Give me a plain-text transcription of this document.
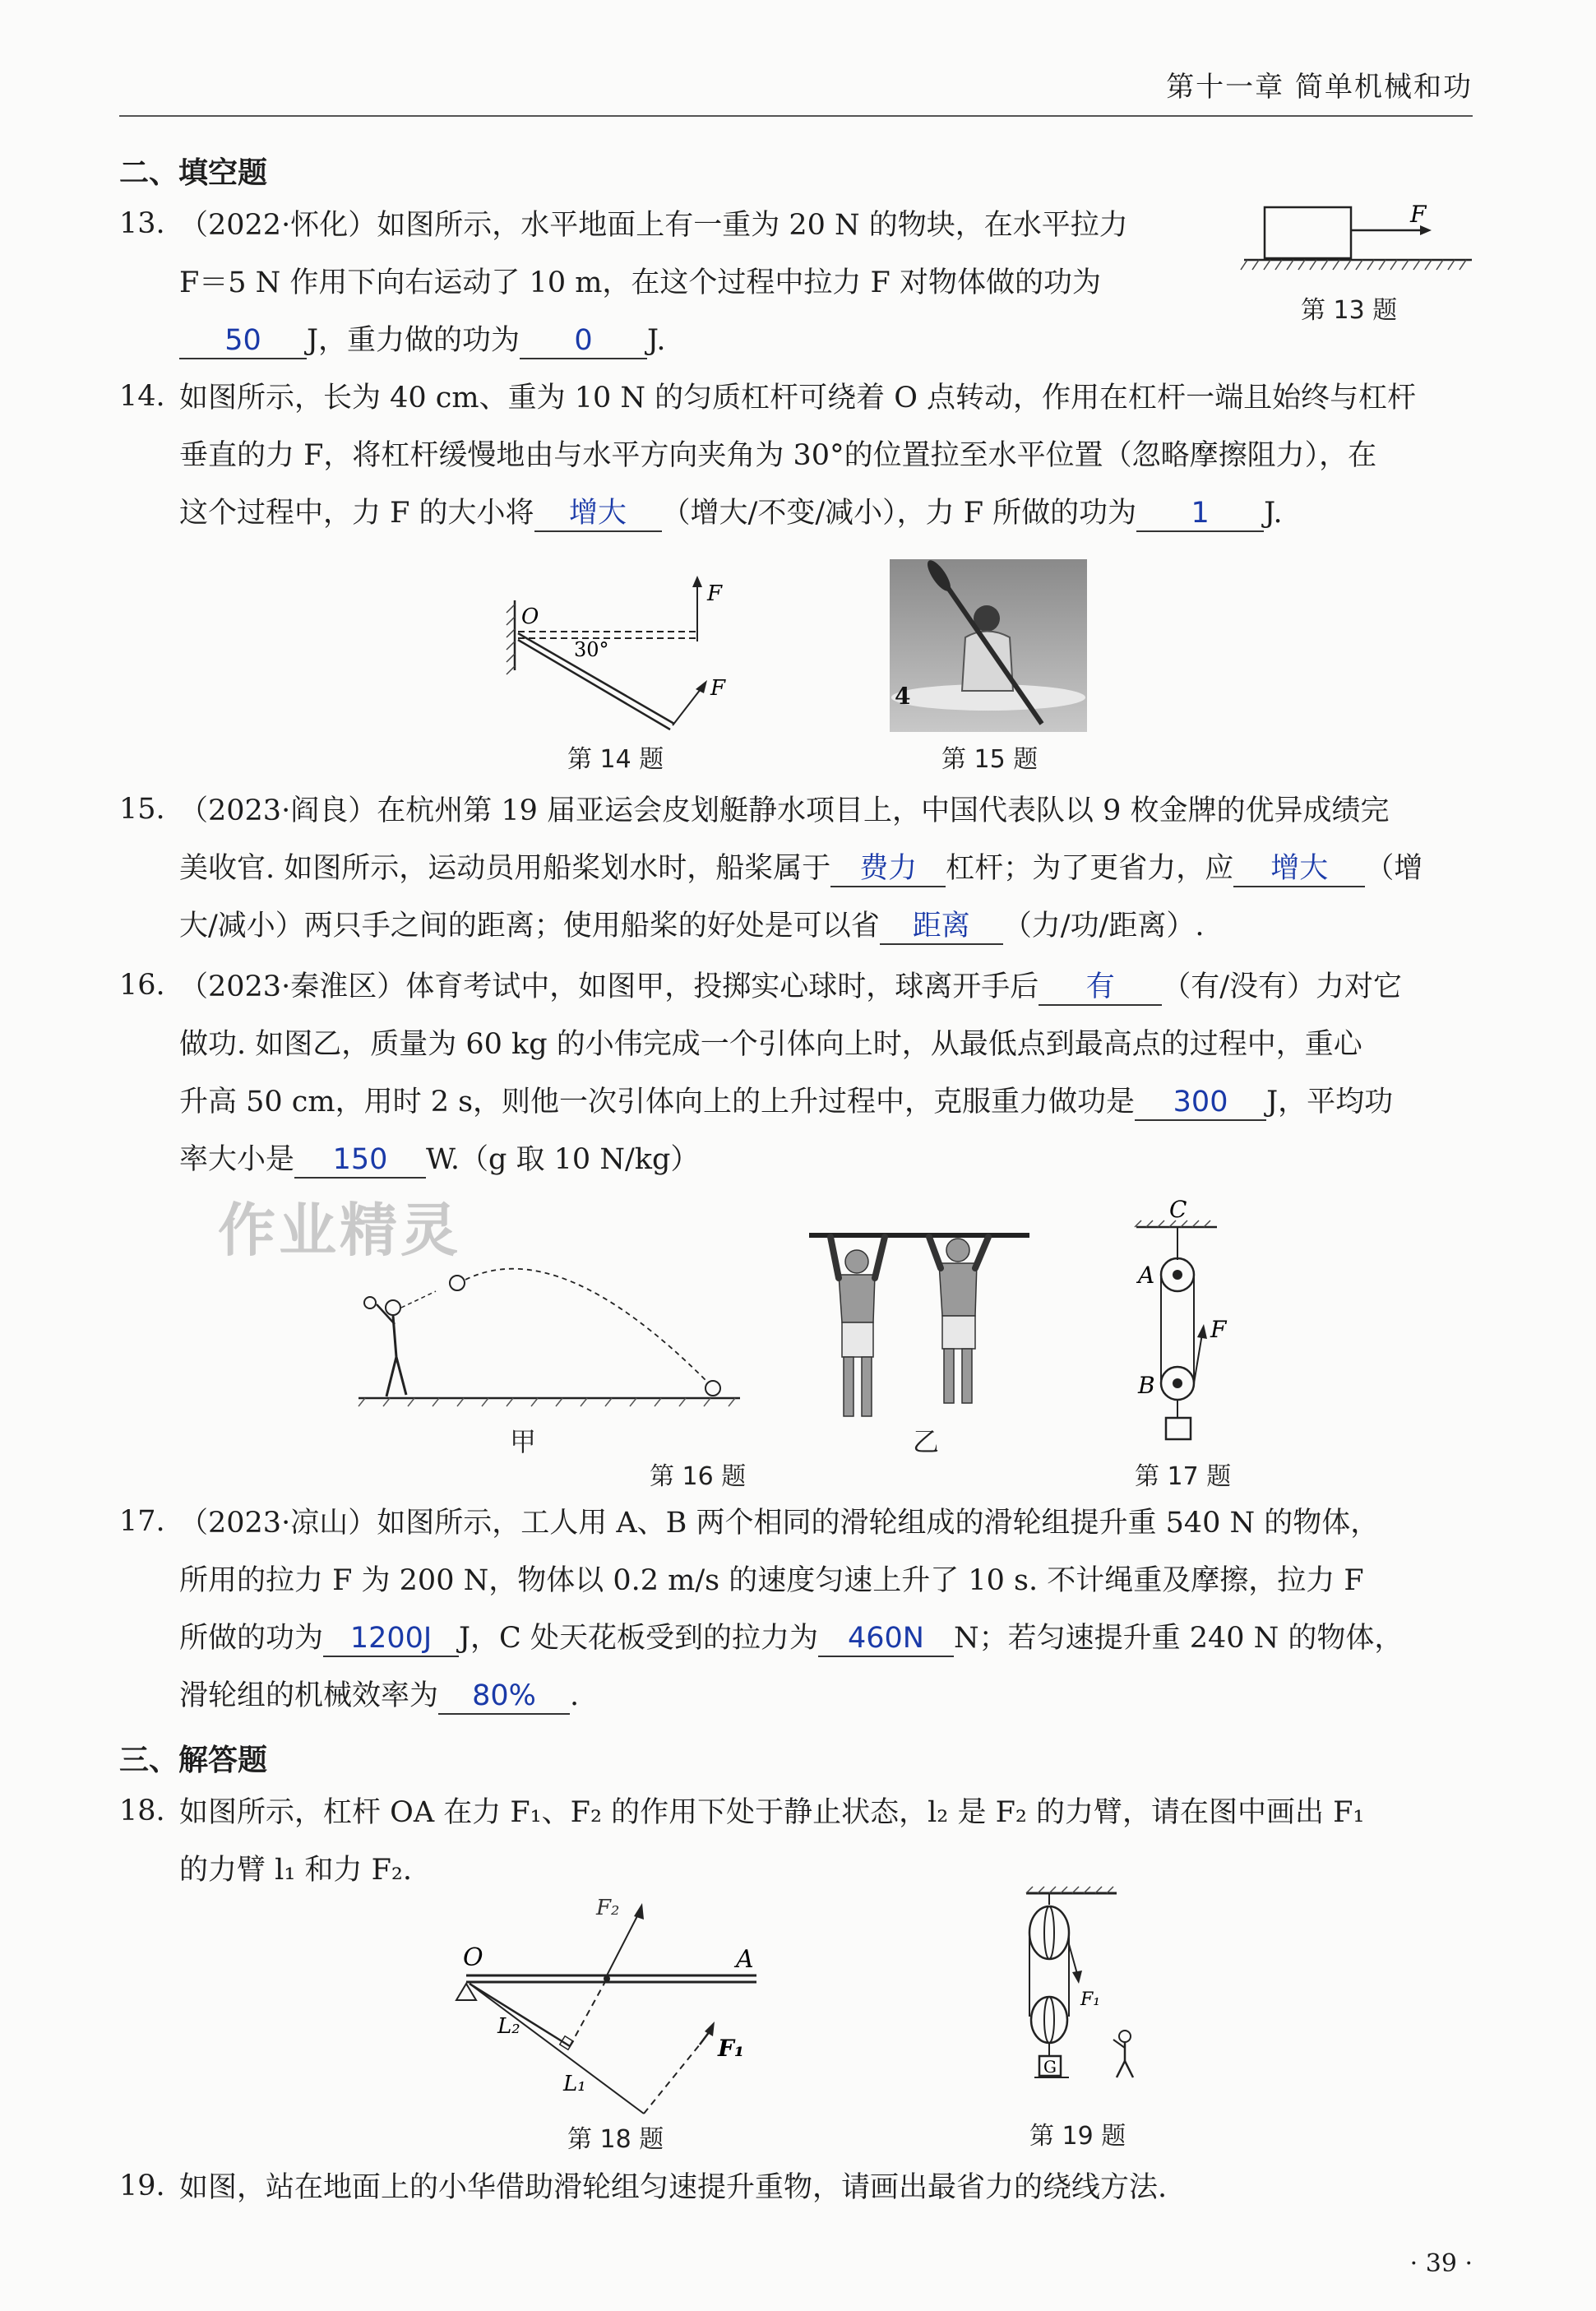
第十一章 简单机械和功
二、填空题
13. （2022·怀化）如图所示，水平地面上有一重为 20 N 的物块，在水平拉力
F＝5 N 作用下向右运动了 10 m，在这个过程中拉力 F 对物体做的功为
50 J，重力做的功为 0 J.
F
第 13 题
14. 如图所示，长为 40 cm、重为 10 N 的匀质杠杆可绕着 O 点转动，作用在杠杆一端且始终与杠杆
垂直的力 F，将杠杆缓慢地由与水平方向夹角为 30°的位置拉至水平位置（忽略摩擦阻力），在
这个过程中，力 F 的大小将 增大 （增大/不变/减小），力 F 所做的功为 1 J.
F
F
O
30°
第 14 题
4
第 15 题
15. （2023·阎良）在杭州第 19 届亚运会皮划艇静水项目上，中国代表队以 9 枚金牌的优异成绩完
美收官. 如图所示，运动员用船桨划水时，船桨属于 费力 杠杆；为了更省力，应 增大 （增
大/减小）两只手之间的距离；使用船桨的好处是可以省 距离 （力/功/距离）.
16. （2023·秦淮区）体育考试中，如图甲，投掷实心球时，球离开手后 有 （有/没有）力对它
做功. 如图乙，质量为 60 kg 的小伟完成一个引体向上时，从最低点到最高点的过程中，重心
升高 50 cm，用时 2 s，则他一次引体向上的上升过程中，克服重力做功是 300 J，平均功
率大小是 150 W.（g 取 10 N/kg）
作业精灵
甲	乙
第 16 题
C
A
B
F
第 17 题
17. （2023·凉山）如图所示，工人用 A、B 两个相同的滑轮组成的滑轮组提升重 540 N 的物体，
所用的拉力 F 为 200 N，物体以 0.2 m/s 的速度匀速上升了 10 s. 不计绳重及摩擦，拉力 F
所做的功为 1200J J，C 处天花板受到的拉力为 460N N；若匀速提升重 240 N 的物体，
滑轮组的机械效率为 80% .
三、解答题
18. 如图所示，杠杆 OA 在力 F₁、F₂ 的作用下处于静止状态，l₂ 是 F₂ 的力臂，请在图中画出 F₁
的力臂 l₁ 和力 F₂.
O	A
F₂
L₂
L₁
F₁
第 18 题
F₁
G
第 19 题
19. 如图，站在地面上的小华借助滑轮组匀速提升重物，请画出最省力的绕线方法.
· 39 ·
